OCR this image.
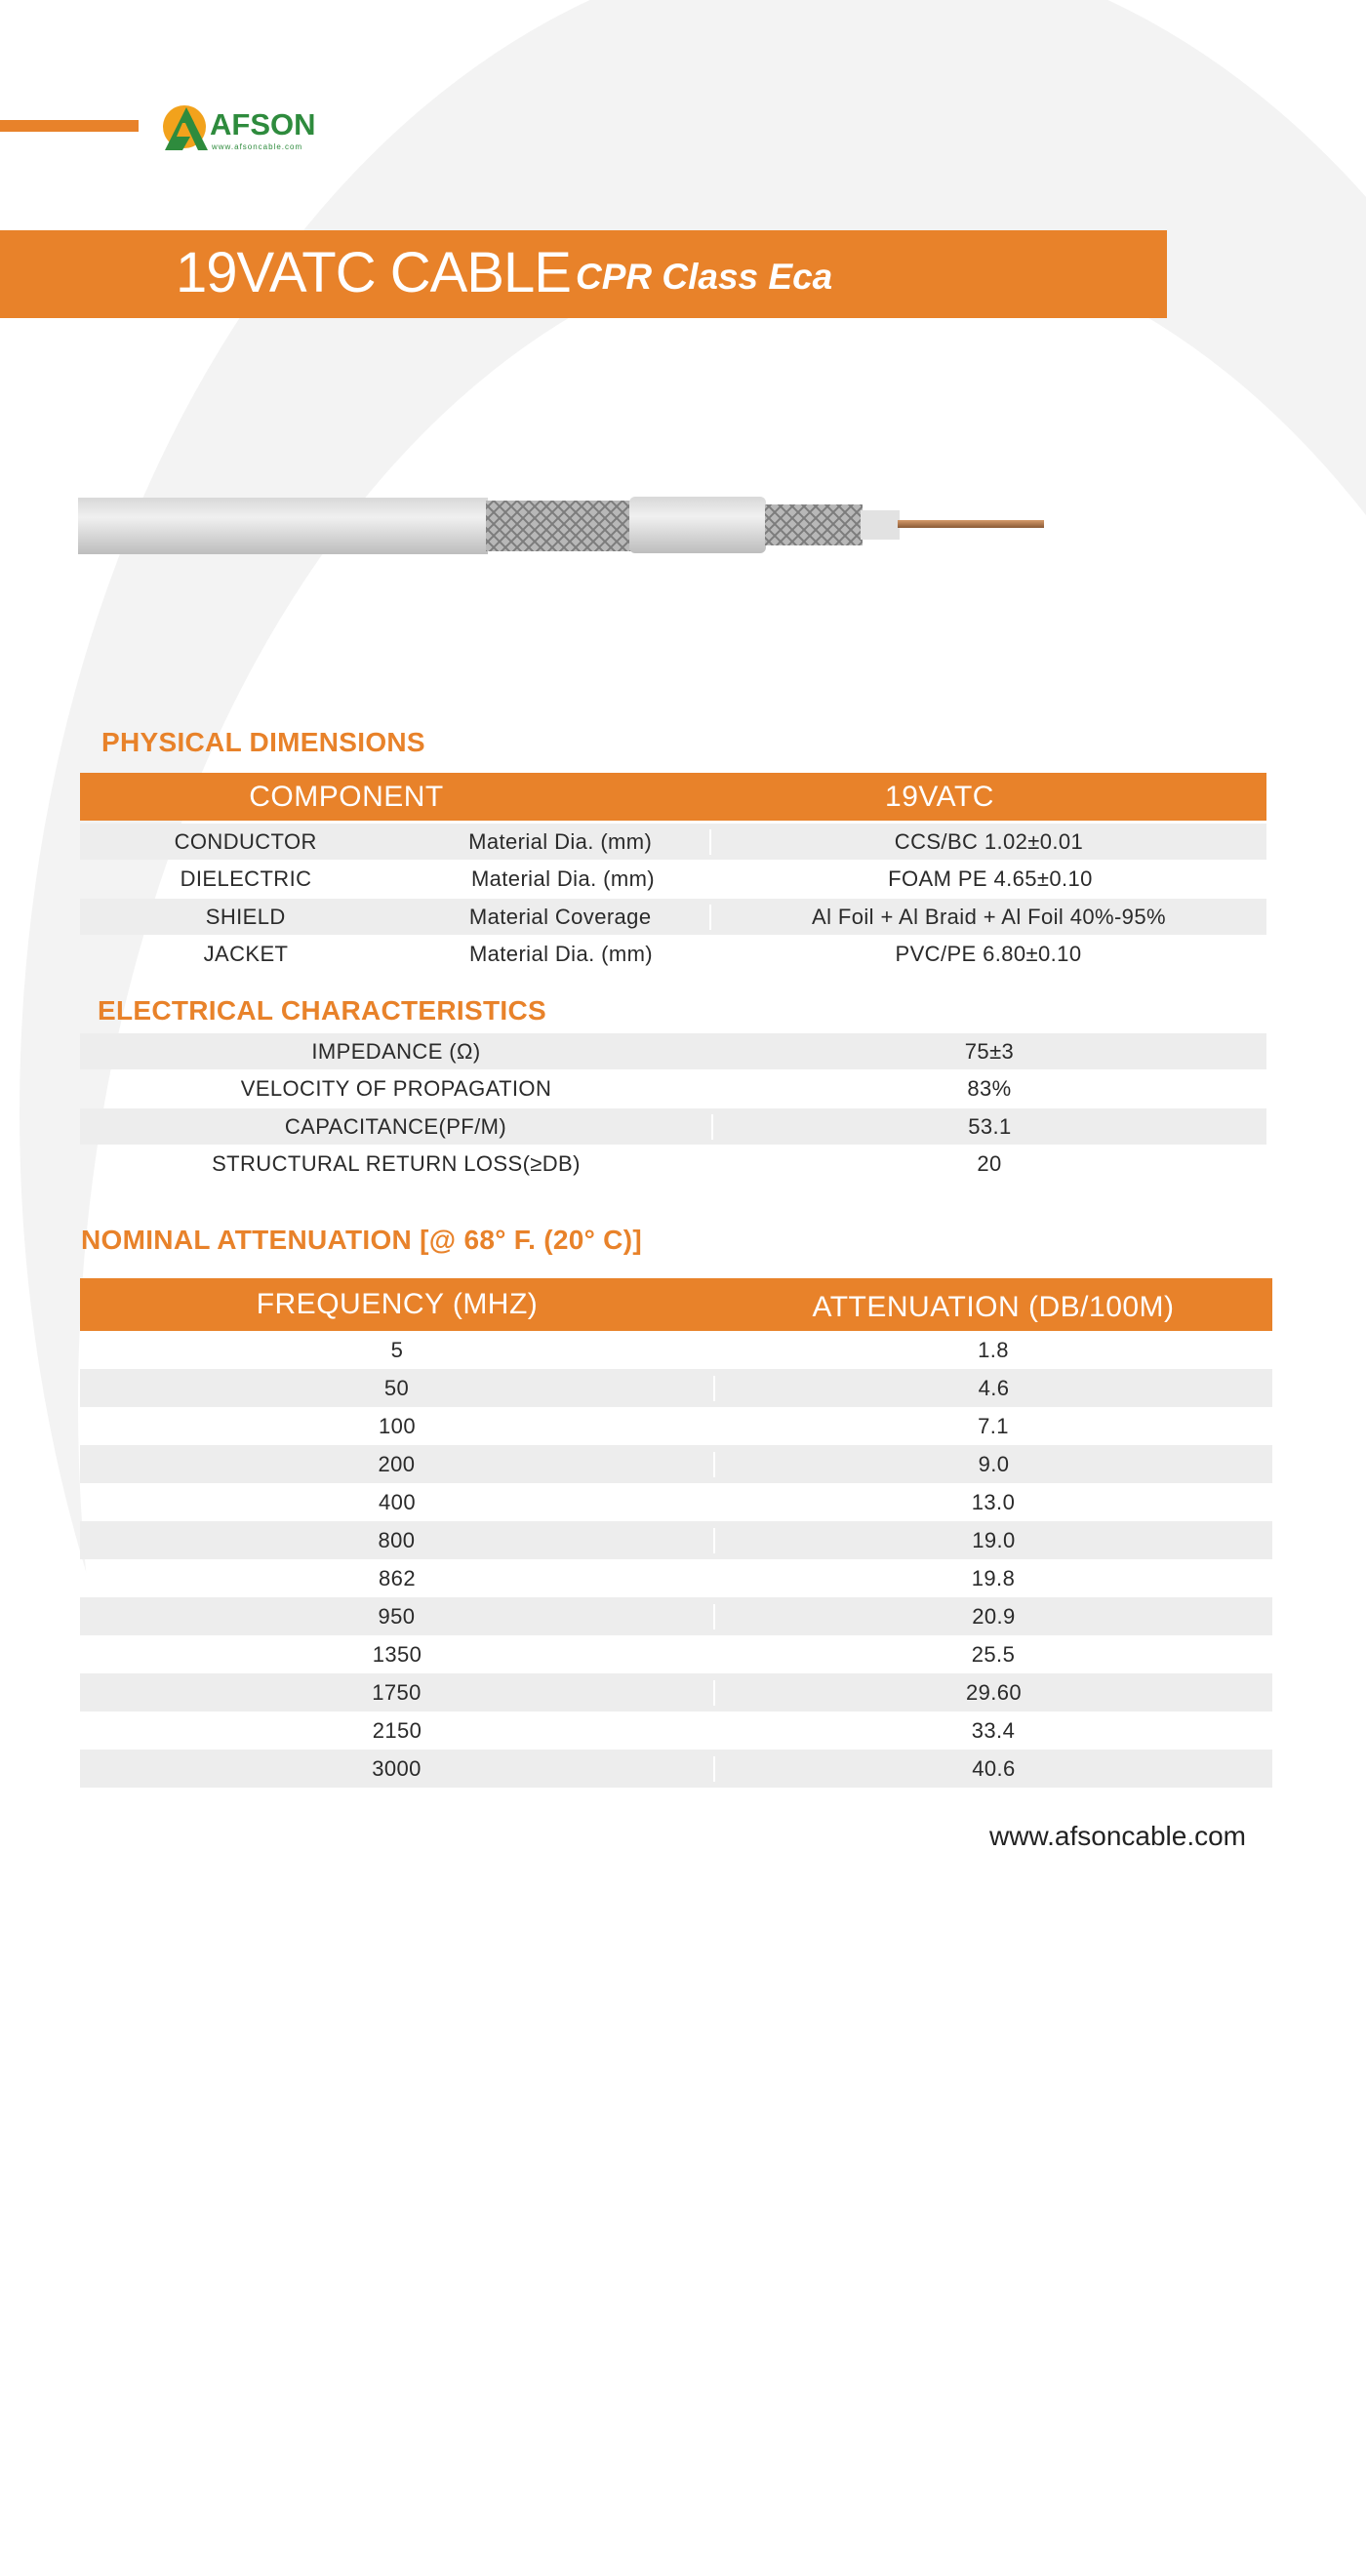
AFSON
www.afsoncable.com
19VATC CABLE CPR Class Eca
PHYSICAL DIMENSIONS
COMPONENT	19VATC
CONDUCTOR	Material Dia. (mm)	CCS/BC 1.02±0.01
DIELECTRIC	Material Dia. (mm)	FOAM PE 4.65±0.10
SHIELD	Material Coverage	Al Foil + Al Braid + Al Foil 40%-95%
JACKET	Material Dia. (mm)	PVC/PE 6.80±0.10
ELECTRICAL CHARACTERISTICS
IMPEDANCE (Ω)	75±3
VELOCITY OF PROPAGATION	83%
CAPACITANCE(PF/M)	53.1
STRUCTURAL RETURN LOSS(≥DB)	20
NOMINAL ATTENUATION [@ 68° F. (20° C)]
FREQUENCY (MHZ)	ATTENUATION (DB/100M)
5	1.8
50	4.6
100	7.1
200	9.0
400	13.0
800	19.0
862	19.8
950	20.9
1350	25.5
1750	29.60
2150	33.4
3000	40.6
www.afsoncable.com
